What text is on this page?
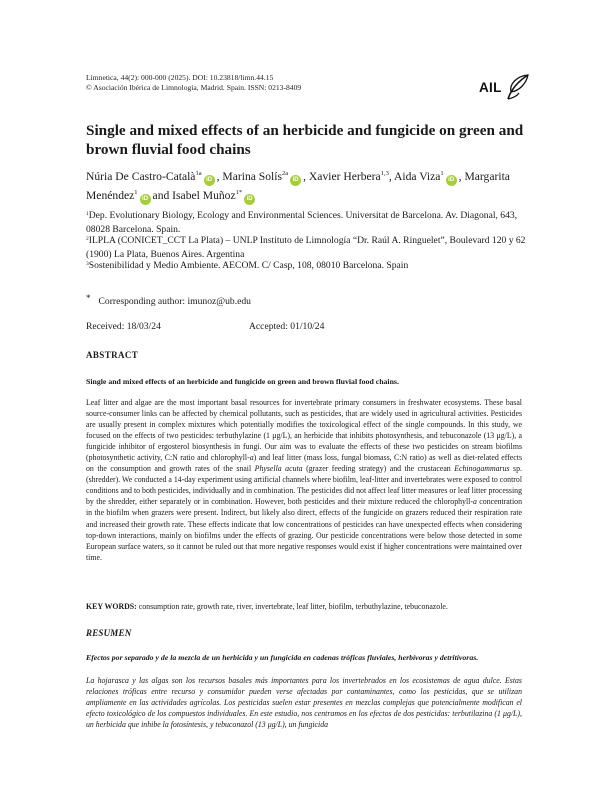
Limnetica, 44(2): 000-000 (2025). DOI: 10.23818/limn.44.15
© Asociación Ibérica de Limnología, Madrid. Spain. ISSN: 0213-8409	AIL
Single and mixed effects of an herbicide and fungicide on green and brown fluvial food chains
Núria De Castro-Català$^{1a}$iD , Marina Solís$^{2a}$iD , Xavier Herbera$^{1,3}$, Aida Viza$^1$iD , Margarita Menéndez$^1$iD and Isabel Muñoz$^{1*}$iD
$^1$Dep. Evolutionary Biology, Ecology and Environmental Sciences. Universitat de Barcelona. Av. Diagonal, 643, 08028 Barcelona. Spain.
$^2$ILPLA (CONICET_CCT La Plata) – UNLP Instituto de Limnología “Dr. Raúl A. Ringuelet”, Boulevard 120 y 62 (1900) La Plata, Buenos Aires. Argentina
$^3$Sostenibilidad y Medio Ambiente. AECOM. C/ Casp, 108, 08010 Barcelona. Spain
* Corresponding author: imunoz@ub.edu
Received: 18/03/24	Accepted: 01/10/24
ABSTRACT
Single and mixed effects of an herbicide and fungicide on green and brown fluvial food chains.
Leaf litter and algae are the most important basal resources for invertebrate primary consumers in freshwater ecosystems. These basal source-consumer links can be affected by chemical pollutants, such as pesticides, that are widely used in agricultural activities. Pesticides are usually present in complex mixtures which potentially modifies the toxicological effect of the single compounds. In this study, we focused on the effects of two pesticides: terbuthylazine (1 μg/L), an herbicide that inhibits photosynthesis, and tebuconazole (13 μg/L), a fungicide inhibitor of ergosterol biosynthesis in fungi. Our aim was to evaluate the effects of these two pesticides on stream biofilms (photosynthetic activity, C:N ratio and chlorophyll-a) and leaf litter (mass loss, fungal biomass, C:N ratio) as well as diet-related effects on the consumption and growth rates of the snail Physella acuta (grazer feeding strategy) and the crustacean Echinogammarus sp. (shredder). We conducted a 14-day experiment using artificial channels where biofilm, leaf-litter and invertebrates were exposed to control conditions and to both pesticides, individually and in combination. The pesticides did not affect leaf litter measures or leaf litter processing by the shredder, either separately or in combination. However, both pesticides and their mixture reduced the chlorophyll-a concentration in the biofilm when grazers were present. Indirect, but likely also direct, effects of the fungicide on grazers reduced their respiration rate and increased their growth rate. These effects indicate that low concentrations of pesticides can have unexpected effects when considering top-down interactions, mainly on biofilms under the effects of grazing. Our pesticide concentrations were below those detected in some European surface waters, so it cannot be ruled out that more negative responses would exist if higher concentrations were maintained over time.
KEY WORDS: consumption rate, growth rate, river, invertebrate, leaf litter, biofilm, terbuthylazine, tebuconazole.
RESUMEN
Efectos por separado y de la mezcla de un herbicida y un fungicida en cadenas tróficas fluviales, herbívoras y detritívoras.
La hojarasca y las algas son los recursos basales más importantes para los invertebrados en los ecosistemas de agua dulce. Estas relaciones tróficas entre recurso y consumidor pueden verse afectadas por contaminantes, como los pesticidas, que se utilizan ampliamente en las actividades agrícolas. Los pesticidas suelen estar presentes en mezclas complejas que potencialmente modifican el efecto toxicológico de los compuestos individuales. En este estudio, nos centramos en los efectos de dos pesticidas: terbutilazina (1 μg/L), un herbicida que inhibe la fotosíntesis, y tebuconazol (13 μg/L), un fungicida
